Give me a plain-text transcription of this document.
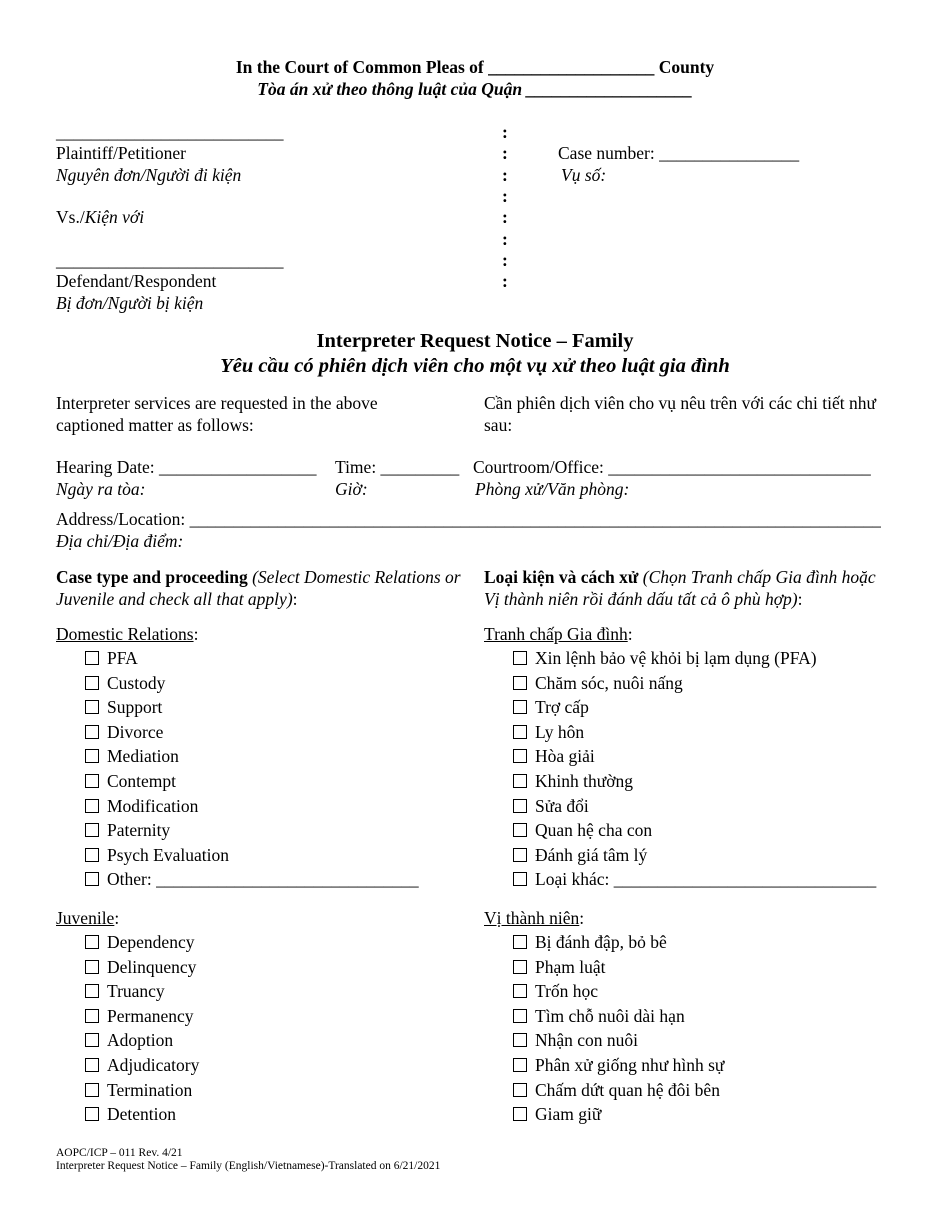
In the Court of Common Pleas of ___________________ County
Tòa án xử theo thông luật của Quận ___________________
__________________________
Plaintiff/Petitioner
Nguyên đơn/Người đi kiện
Vs./Kiện với
__________________________
Defendant/Respondent
Bị đơn/Người bị kiện
:
:
:
:
:
:
:
:
Case number: ________________
Vụ số:
Interpreter Request Notice – Family
Yêu cầu có phiên dịch viên cho một vụ xử theo luật gia đình
Interpreter services are requested in the above captioned matter as follows:
Cần phiên dịch viên cho vụ nêu trên với các chi tiết như sau:
Hearing Date: __________________
Ngày ra tòa:
Time: _________
Giờ:
Courtroom/Office: ______________________________
Phòng xử/Văn phòng:
Address/Location: _______________________________________________________________________________
Địa chỉ/Địa điểm:
Case type and proceeding (Select Domestic Relations or Juvenile and check all that apply):
Loại kiện và cách xử (Chọn Tranh chấp Gia đình hoặc Vị thành niên rồi đánh dấu tất cả ô phù hợp):
Domestic Relations:	Tranh chấp Gia đình:
PFA
Custody
Support
Divorce
Mediation
Contempt
Modification
Paternity
Psych Evaluation
Other: ______________________________
Xin lệnh bảo vệ khỏi bị lạm dụng (PFA)
Chăm sóc, nuôi nấng
Trợ cấp
Ly hôn
Hòa giải
Khinh thường
Sửa đổi
Quan hệ cha con
Đánh giá tâm lý
Loại khác: ______________________________
Juvenile:	Vị thành niên:
Dependency
Delinquency
Truancy
Permanency
Adoption
Adjudicatory
Termination
Detention
Bị đánh đập, bỏ bê
Phạm luật
Trốn học
Tìm chỗ nuôi dài hạn
Nhận con nuôi
Phân xử giống như hình sự
Chấm dứt quan hệ đôi bên
Giam giữ
AOPC/ICP – 011 Rev. 4/21
Interpreter Request Notice – Family (English/Vietnamese)-Translated on 6/21/2021
